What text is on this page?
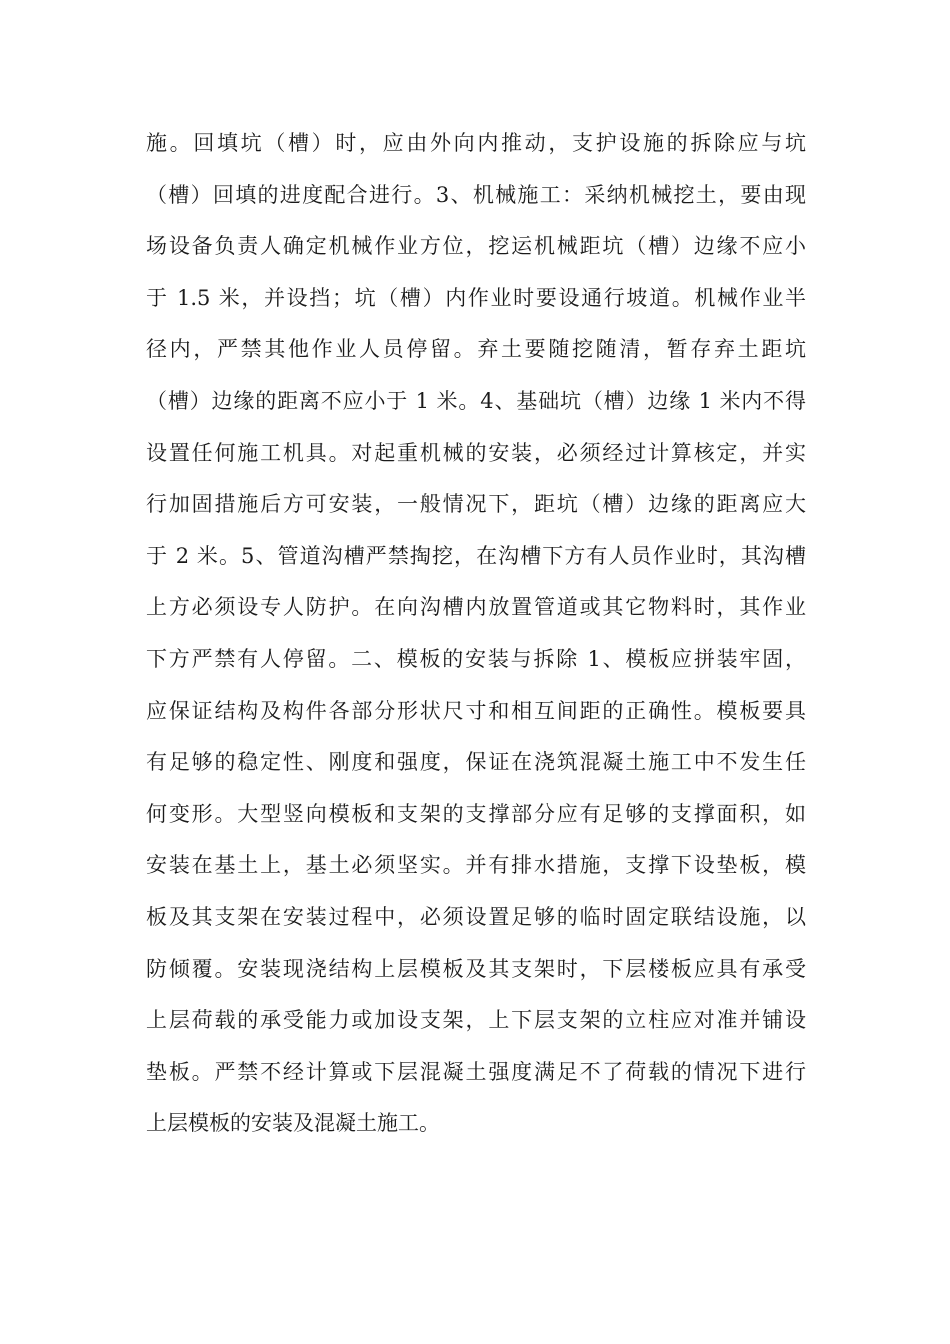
施。回填坑（槽）时，应由外向内推动，支护设施的拆除应与坑
（槽）回填的进度配合进行。3、机械施工：采纳机械挖土，要由现
场设备负责人确定机械作业方位，挖运机械距坑（槽）边缘不应小
于 1.5 米，并设挡；坑（槽）内作业时要设通行坡道。机械作业半
径内，严禁其他作业人员停留。弃土要随挖随清，暂存弃土距坑
（槽）边缘的距离不应小于 1 米。4、基础坑（槽）边缘 1 米内不得
设置任何施工机具。对起重机械的安装，必须经过计算核定，并实
行加固措施后方可安装，一般情况下，距坑（槽）边缘的距离应大
于 2 米。5、管道沟槽严禁掏挖，在沟槽下方有人员作业时，其沟槽
上方必须设专人防护。在向沟槽内放置管道或其它物料时，其作业
下方严禁有人停留。二、模板的安装与拆除 1、模板应拼装牢固，
应保证结构及构件各部分形状尺寸和相互间距的正确性。模板要具
有足够的稳定性、刚度和强度，保证在浇筑混凝土施工中不发生任
何变形。大型竖向模板和支架的支撑部分应有足够的支撑面积，如
安装在基土上，基土必须坚实。并有排水措施，支撑下设垫板，模
板及其支架在安装过程中，必须设置足够的临时固定联结设施，以
防倾覆。安装现浇结构上层模板及其支架时，下层楼板应具有承受
上层荷载的承受能力或加设支架，上下层支架的立柱应对准并铺设
垫板。严禁不经计算或下层混凝土强度满足不了荷载的情况下进行
上层模板的安装及混凝土施工。
